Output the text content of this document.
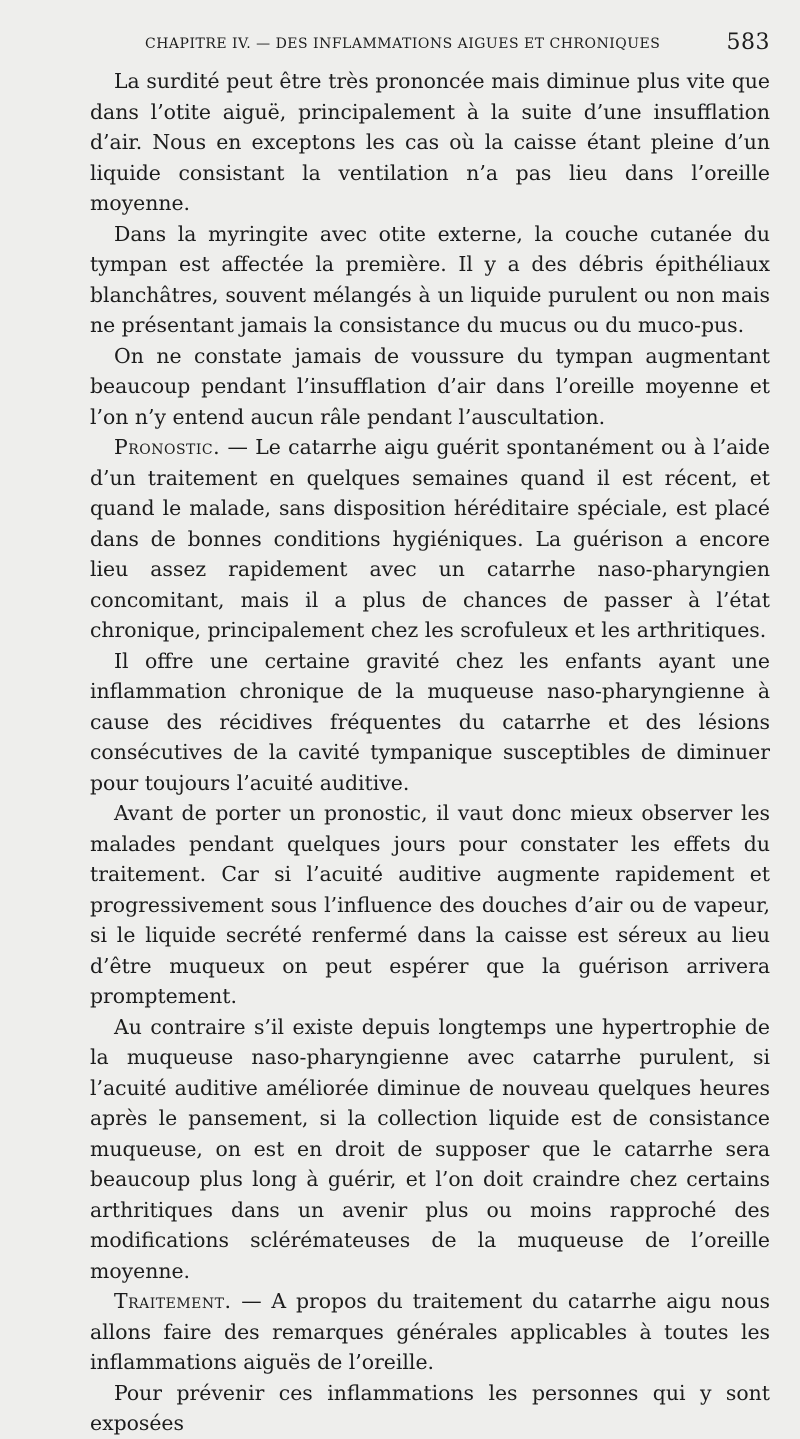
CHAPITRE IV. — DES INFLAMMATIONS AIGUES ET CHRONIQUES	583

La surdité peut être très prononcée mais diminue plus vite que dans l’otite aiguë, principalement à la suite d’une insufflation d’air. Nous en exceptons les cas où la caisse étant pleine d’un liquide consistant la ventilation n’a pas lieu dans l’oreille moyenne.

Dans la myringite avec otite externe, la couche cutanée du tympan est affectée la première. Il y a des débris épithéliaux blanchâtres, souvent mélangés à un liquide purulent ou non mais ne présentant jamais la consistance du mucus ou du muco-pus.

On ne constate jamais de voussure du tympan augmentant beaucoup pendant l’insufflation d’air dans l’oreille moyenne et l’on n’y entend aucun râle pendant l’auscultation.

Pronostic. — Le catarrhe aigu guérit spontanément ou à l’aide d’un traitement en quelques semaines quand il est récent, et quand le malade, sans disposition héréditaire spéciale, est placé dans de bonnes conditions hygiéniques. La guérison a encore lieu assez rapidement avec un catarrhe naso-pharyngien concomitant, mais il a plus de chances de passer à l’état chronique, principalement chez les scrofuleux et les arthritiques.

Il offre une certaine gravité chez les enfants ayant une inflammation chronique de la muqueuse naso-pharyngienne à cause des récidives fréquentes du catarrhe et des lésions consécutives de la cavité tympanique susceptibles de diminuer pour toujours l’acuité auditive.

Avant de porter un pronostic, il vaut donc mieux observer les malades pendant quelques jours pour constater les effets du traitement. Car si l’acuité auditive augmente rapidement et progressivement sous l’influence des douches d’air ou de vapeur, si le liquide secrété renfermé dans la caisse est séreux au lieu d’être muqueux on peut espérer que la guérison arrivera promptement.

Au contraire s’il existe depuis longtemps une hypertrophie de la muqueuse naso-pharyngienne avec catarrhe purulent, si l’acuité auditive améliorée diminue de nouveau quelques heures après le pansement, si la collection liquide est de consistance muqueuse, on est en droit de supposer que le catarrhe sera beaucoup plus long à guérir, et l’on doit craindre chez certains arthritiques dans un avenir plus ou moins rapproché des modifications sclérémateuses de la muqueuse de l’oreille moyenne.

Traitement. — A propos du traitement du catarrhe aigu nous allons faire des remarques générales applicables à toutes les inflammations aiguës de l’oreille.

Pour prévenir ces inflammations les personnes qui y sont exposées
